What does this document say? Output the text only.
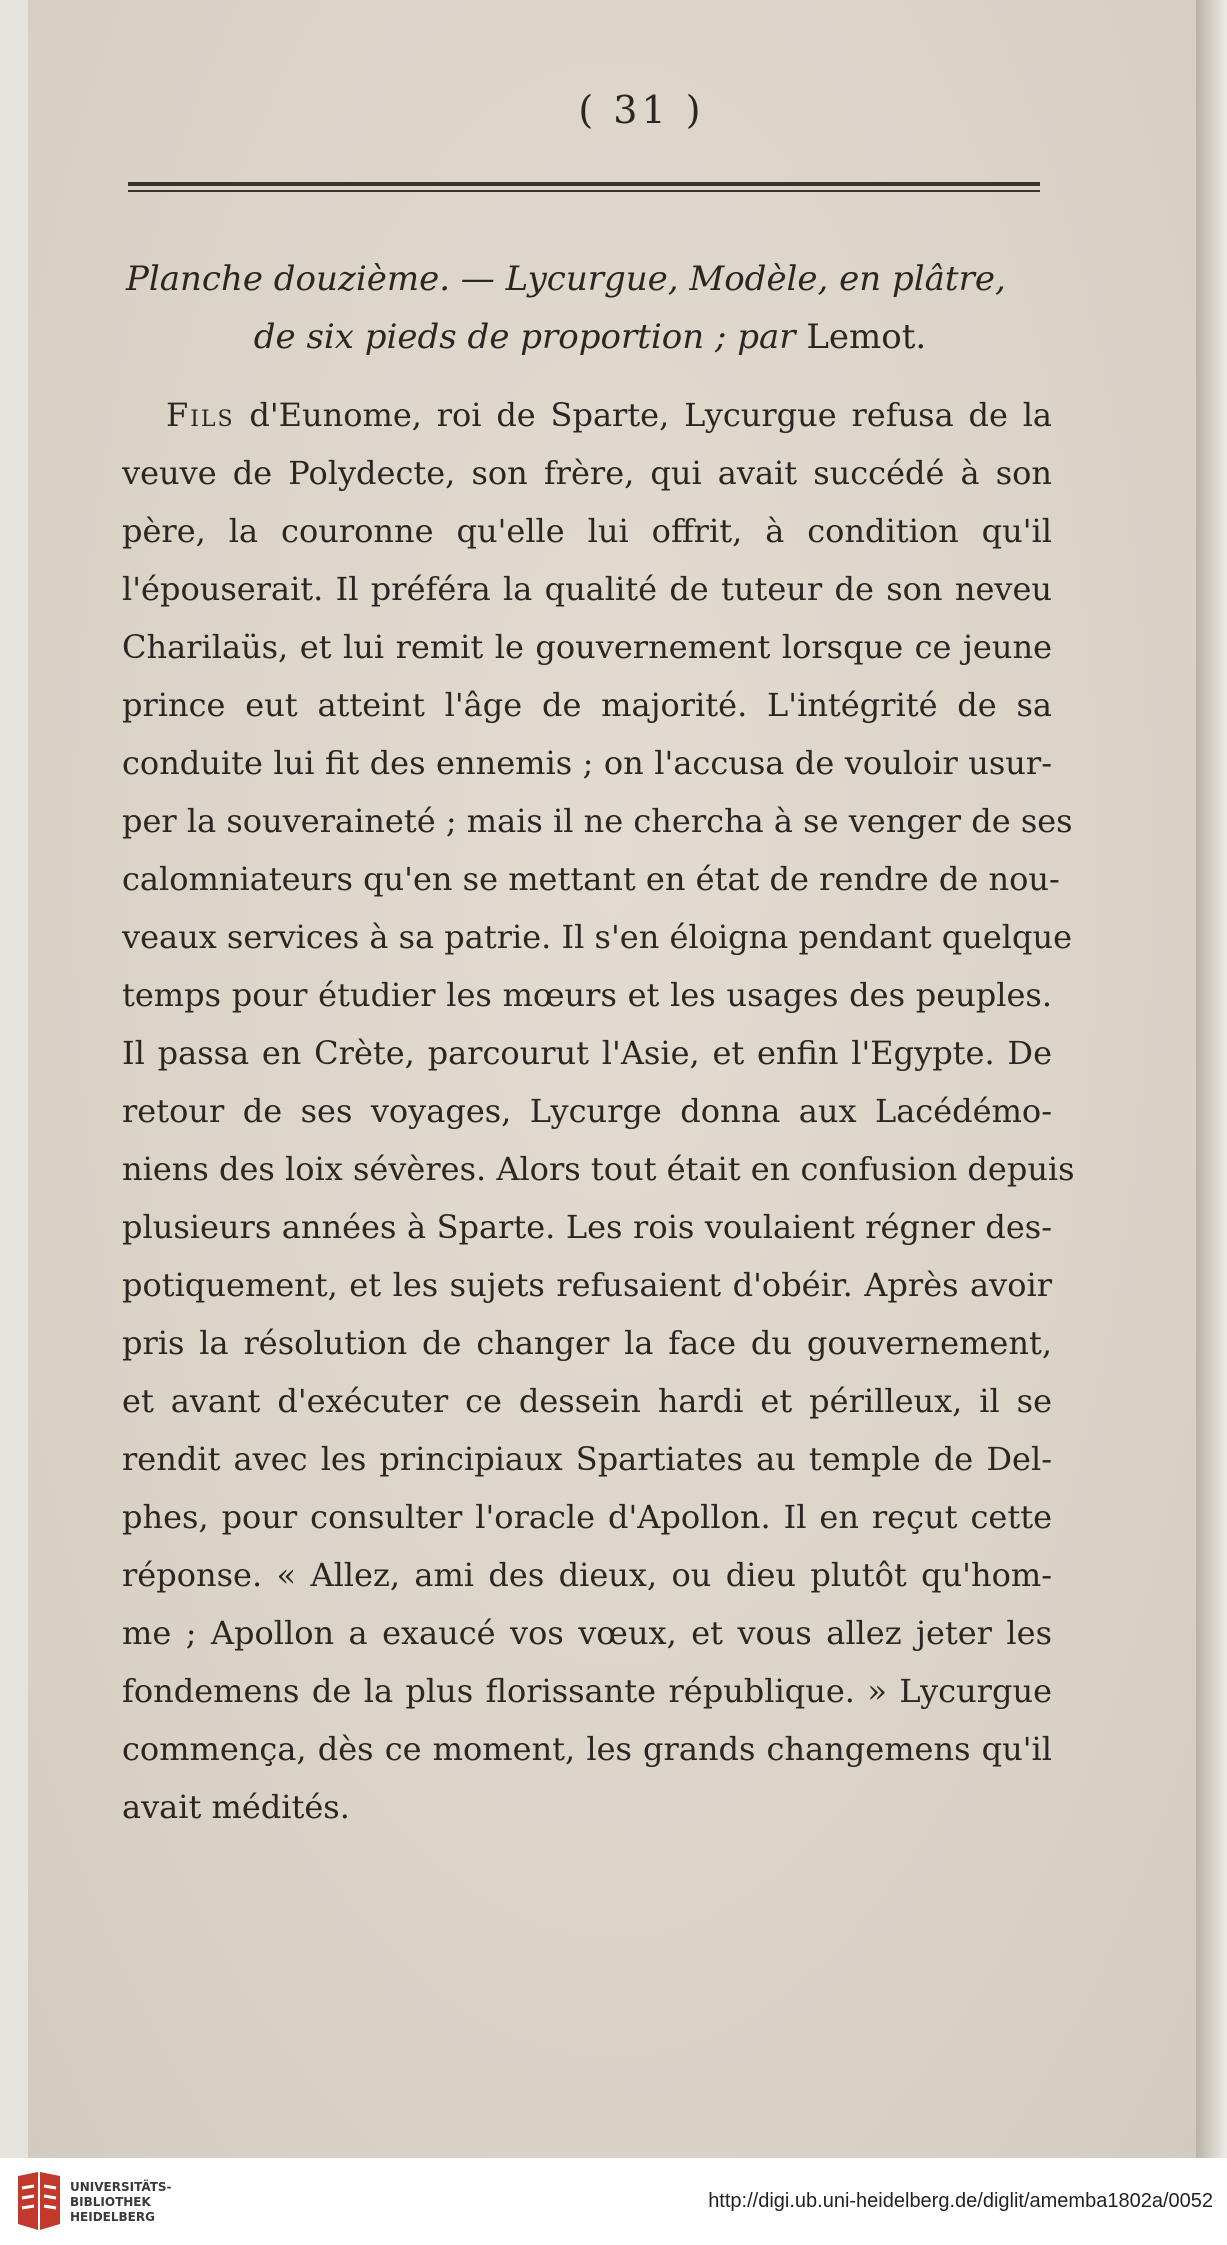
( 31 )
Planche douzième. — Lycurgue, Modèle, en plâtre,
de six pieds de proportion ; par Lemot.
Fils d'Eunome, roi de Sparte, Lycurgue refusa de la
veuve de Polydecte, son frère, qui avait succédé à son
père, la couronne qu'elle lui offrit, à condition qu'il
l'épouserait. Il préféra la qualité de tuteur de son neveu
Charilaüs, et lui remit le gouvernement lorsque ce jeune
prince eut atteint l'âge de majorité. L'intégrité de sa
conduite lui fit des ennemis ; on l'accusa de vouloir usur-
per la souveraineté ; mais il ne chercha à se venger de ses
calomniateurs qu'en se mettant en état de rendre de nou-
veaux services à sa patrie. Il s'en éloigna pendant quelque
temps pour étudier les mœurs et les usages des peuples.
Il passa en Crète, parcourut l'Asie, et enfin l'Egypte. De
retour de ses voyages, Lycurge donna aux Lacédémo-
niens des loix sévères. Alors tout était en confusion depuis
plusieurs années à Sparte. Les rois voulaient régner des-
potiquement, et les sujets refusaient d'obéir. Après avoir
pris la résolution de changer la face du gouvernement,
et avant d'exécuter ce dessein hardi et périlleux, il se
rendit avec les principiaux Spartiates au temple de Del-
phes, pour consulter l'oracle d'Apollon. Il en reçut cette
réponse. « Allez, ami des dieux, ou dieu plutôt qu'hom-
me ; Apollon a exaucé vos vœux, et vous allez jeter les
fondemens de la plus florissante république. » Lycurgue
commença, dès ce moment, les grands changemens qu'il
avait médités.
UNIVERSITÄTS-
BIBLIOTHEK
HEIDELBERG
http://digi.ub.uni-heidelberg.de/diglit/amemba1802a/0052
